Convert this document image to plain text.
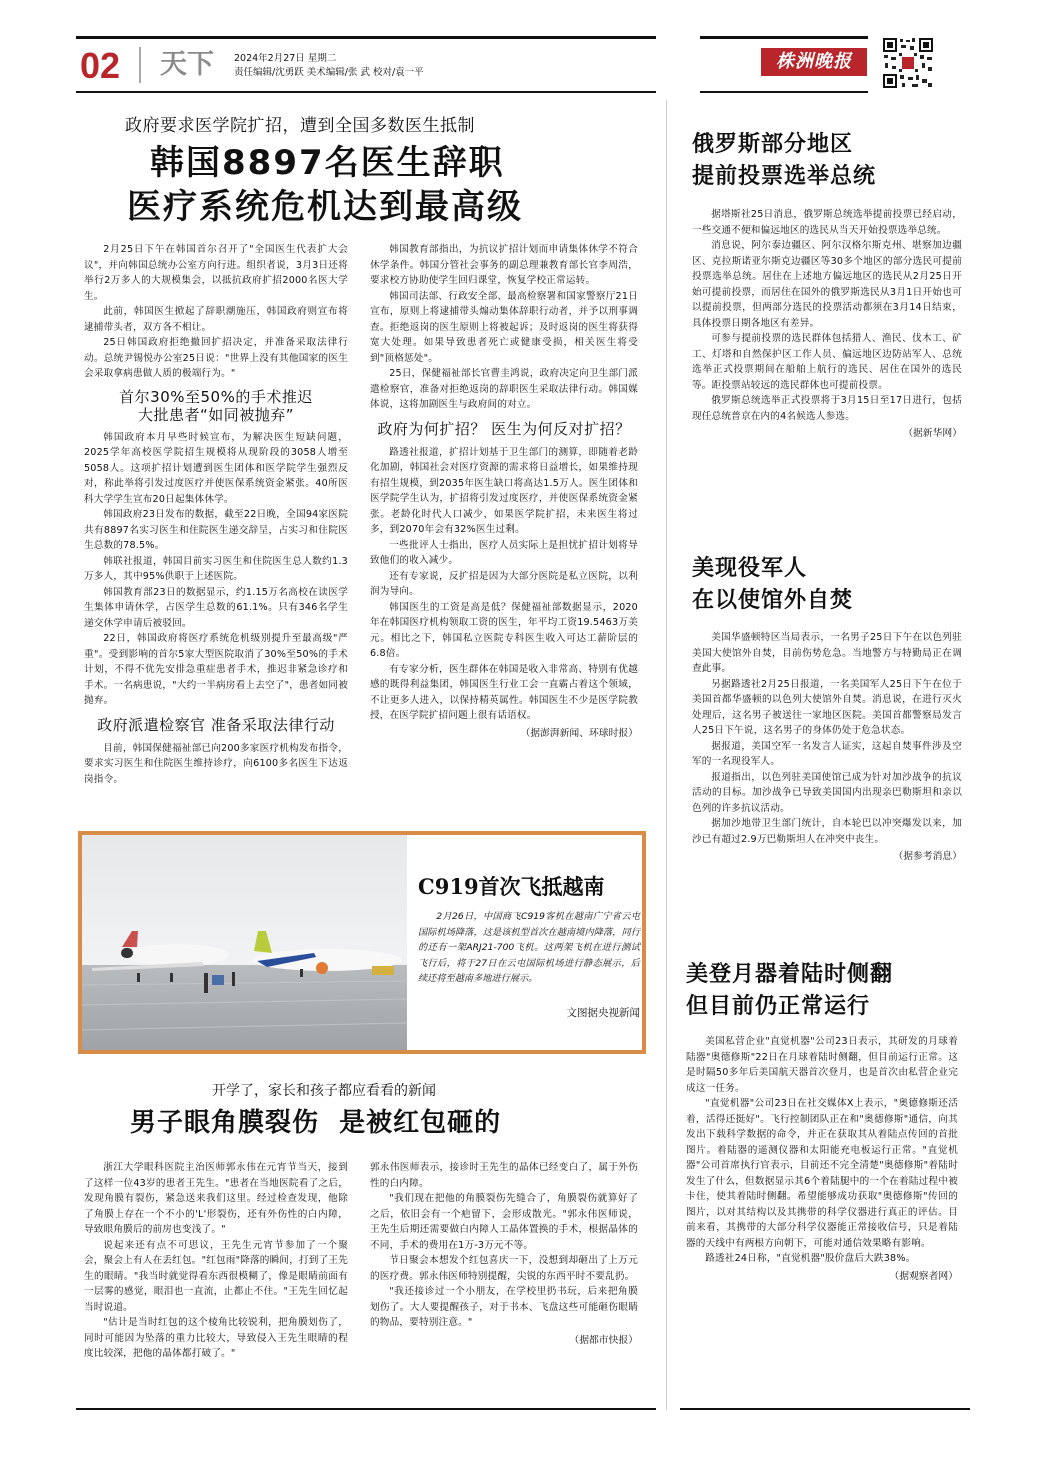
02 天下 2024年2月27日 星期二
责任编辑/沈勇跃 美术编辑/张 武 校对/袁一平
株洲晚报
政府要求医学院扩招，遭到全国多数医生抵制
韩国8897名医生辞职
医疗系统危机达到最高级

2月25日下午在韩国首尔召开了"全国医生代表扩大会议"，并向韩国总统办公室方向行进。组织者说，3月3日还将举行2万多人的大规模集会，以抵抗政府扩招2000名医大学生。

此前，韩国医生掀起了辞职潮施压，韩国政府则宣布将逮捕带头者，双方各不相让。

25日韩国政府拒绝撤回扩招决定，并准备采取法律行动。总统尹锡悦办公室25日说："世界上没有其他国家的医生会采取拿病患做人质的极端行为。"

首尔30%至50%的手术推迟
大批患者“如同被抛弃”

韩国政府本月早些时候宣布，为解决医生短缺问题，2025学年高校医学院招生规模将从现阶段的3058人增至5058人。这项扩招计划遭到医生团体和医学院学生强烈反对，称此举将引发过度医疗并使医保系统资金紧张。40所医科大学学生宣布20日起集体休学。

韩国政府23日发布的数据，截至22日晚，全国94家医院共有8897名实习医生和住院医生递交辞呈，占实习和住院医生总数的78.5%。

韩联社报道，韩国目前实习医生和住院医生总人数约1.3万多人，其中95%供职于上述医院。

韩国教育部23日的数据显示，约1.15万名高校在读医学生集体申请休学，占医学生总数的61.1%。只有346名学生递交休学申请后被驳回。

22日，韩国政府将医疗系统危机级别提升至最高级"严重"。受到影响的首尔5家大型医院取消了30%至50%的手术计划，不得不优先安排急重症患者手术，推迟非紧急诊疗和手术。一名病患说，"大约一半病房看上去空了"，患者如同被抛弃。

政府派遣检察官 准备采取法律行动

目前，韩国保健福祉部已向200多家医疗机构发布指令，要求实习医生和住院医生维持诊疗，向6100多名医生下达返岗指令。

韩国教育部指出，为抗议扩招计划而申请集体休学不符合休学条件。韩国分管社会事务的副总理兼教育部长官李周浩，要求校方协助使学生回归课堂，恢复学校正常运转。

韩国司法部、行政安全部、最高检察署和国家警察厅21日宣布，原则上将逮捕带头煽动集体辞职行动者，并予以刑事调查。拒绝返岗的医生原则上将被起诉；及时返岗的医生将获得宽大处理。如果导致患者死亡或健康受损，相关医生将受到"顶格惩处"。

25日，保健福祉部长官曹圭鸿说，政府决定向卫生部门派遣检察官，准备对拒绝返岗的辞职医生采取法律行动。韩国媒体说，这将加剧医生与政府间的对立。

政府为何扩招？ 医生为何反对扩招？

路透社报道，扩招计划基于卫生部门的测算，即随着老龄化加剧，韩国社会对医疗资源的需求将日益增长，如果维持现有招生规模，到2035年医生缺口将高达1.5万人。医生团体和医学院学生认为，扩招将引发过度医疗，并使医保系统资金紧张。老龄化时代人口减少，如果医学院扩招，未来医生将过多，到2070年会有32%医生过剩。

一些批评人士指出，医疗人员实际上是担忧扩招计划将导致他们的收入减少。

还有专家说，反扩招是因为大部分医院是私立医院，以利润为导向。

韩国医生的工资是高是低？保健福祉部数据显示，2020年在韩国医疗机构领取工资的医生，年平均工资19.5463万美元。相比之下，韩国私立医院专科医生收入可达工薪阶层的6.8倍。

有专家分析，医生群体在韩国是收入非常高、特别有优越感的既得利益集团，韩国医生行业工会一直霸占着这个领域，不让更多人进入，以保持精英属性。韩国医生不少是医学院教授，在医学院扩招问题上很有话语权。

（据澎湃新闻、环球时报）
C919首次飞抵越南
2月26日，中国商飞C919客机在越南广宁省云屯国际机场降落，这是该机型首次在越南境内降落，同行的还有一架ARJ21-700飞机。这两架飞机在进行测试飞行后，将于27日在云屯国际机场进行静态展示，后续还将至越南多地进行展示。
文图据央视新闻
开学了，家长和孩子都应看看的新闻
男子眼角膜裂伤  是被红包砸的

浙江大学眼科医院主治医师郭永伟在元宵节当天，接到了这样一位43岁的患者王先生。"患者在当地医院看了之后，发现角膜有裂伤，紧急送来我们这里。经过检查发现，他除了角膜上存在一个不小的'L'形裂伤，还有外伤性的白内障，导致眼角膜后的前房也变浅了。"

说起来还有点不可思议，王先生元宵节参加了一个聚会，聚会上有人在丢红包。"红包雨"降落的瞬间，打到了王先生的眼睛。"我当时就觉得看东西很模糊了，像是眼睛前面有一层雾的感觉，眼泪也一直流，止都止不住。"王先生回忆起当时说道。

"估计是当时红包的这个棱角比较锐利，把角膜划伤了，同时可能因为坠落的重力比较大，导致侵入王先生眼睛的程度比较深，把他的晶体都打破了。"

郭永伟医师表示，接诊时王先生的晶体已经变白了，属于外伤性的白内障。

"我们现在把他的角膜裂伤先缝合了，角膜裂伤就算好了之后，依旧会有一个疤留下，会形成散光。"郭永伟医师说，王先生后期还需要做白内障人工晶体置换的手术，根据晶体的不同，手术的费用在1万-3万元不等。

节日聚会本想发个红包喜庆一下，没想到却砸出了上万元的医疗费。郭永伟医师特别提醒，尖锐的东西平时不要乱扔。

"我还接诊过一个小朋友，在学校里扔书玩，后来把角膜划伤了。大人要提醒孩子，对于书本、飞盘这些可能砸伤眼睛的物品，要特别注意。"

（据都市快报）
俄罗斯部分地区
提前投票选举总统

据塔斯社25日消息，俄罗斯总统选举提前投票已经启动，一些交通不便和偏远地区的选民从当天开始投票选举总统。

消息说，阿尔泰边疆区、阿尔汉格尔斯克州、堪察加边疆区、克拉斯诺亚尔斯克边疆区等30多个地区的部分选民可提前投票选举总统。居住在上述地方偏远地区的选民从2月25日开始可提前投票，而居住在国外的俄罗斯选民从3月1日开始也可以提前投票，但两部分选民的投票活动都须在3月14日结束，具体投票日期各地区有差异。

可参与提前投票的选民群体包括猎人、渔民、伐木工、矿工、灯塔和自然保护区工作人员、偏远地区边防站军人、总统选举正式投票期间在船舶上航行的选民、居住在国外的选民等。距投票站较远的选民群体也可提前投票。

俄罗斯总统选举正式投票将于3月15日至17日进行，包括现任总统普京在内的4名候选人参选。

（据新华网）
美现役军人
在以使馆外自焚

美国华盛顿特区当局表示，一名男子25日下午在以色列驻美国大使馆外自焚，目前伤势危急。当地警方与特勤局正在调查此事。

另据路透社2月25日报道，一名美国军人25日下午在位于美国首都华盛顿的以色列大使馆外自焚。消息说，在进行灭火处理后，这名男子被送往一家地区医院。美国首都警察局发言人25日下午说，这名男子的身体仍处于危急状态。

据报道，美国空军一名发言人证实，这起自焚事件涉及空军的一名现役军人。

报道指出，以色列驻美国使馆已成为针对加沙战争的抗议活动的目标。加沙战争已导致美国国内出现亲巴勒斯坦和亲以色列的许多抗议活动。

据加沙地带卫生部门统计，自本轮巴以冲突爆发以来，加沙已有超过2.9万巴勒斯坦人在冲突中丧生。

（据参考消息）
美登月器着陆时侧翻
但目前仍正常运行

美国私营企业"直觉机器"公司23日表示，其研发的月球着陆器"奥德修斯"22日在月球着陆时侧翻，但目前运行正常。这是时隔50多年后美国航天器首次登月，也是首次由私营企业完成这一任务。

"直觉机器"公司23日在社交媒体X上表示，"奥德修斯还活着，活得还挺好"。飞行控制团队正在和"奥德修斯"通信，向其发出下载科学数据的命令，并正在获取其从着陆点传回的首批图片。着陆器的遥测仪器和太阳能充电板运行正常。"直觉机器"公司首席执行官表示，目前还不完全清楚"奥德修斯"着陆时发生了什么，但数据显示其6个着陆腿中的一个在着陆过程中被卡住，使其着陆时侧翻。希望能够成功获取"奥德修斯"传回的图片，以对其结构以及其携带的科学仪器进行真正的评估。目前来看，其携带的大部分科学仪器能正常接收信号，只是着陆器的天线中有两根方向朝下，可能对通信效果略有影响。

路透社24日称，"直觉机器"股价盘后大跌38%。

（据观察者网）
